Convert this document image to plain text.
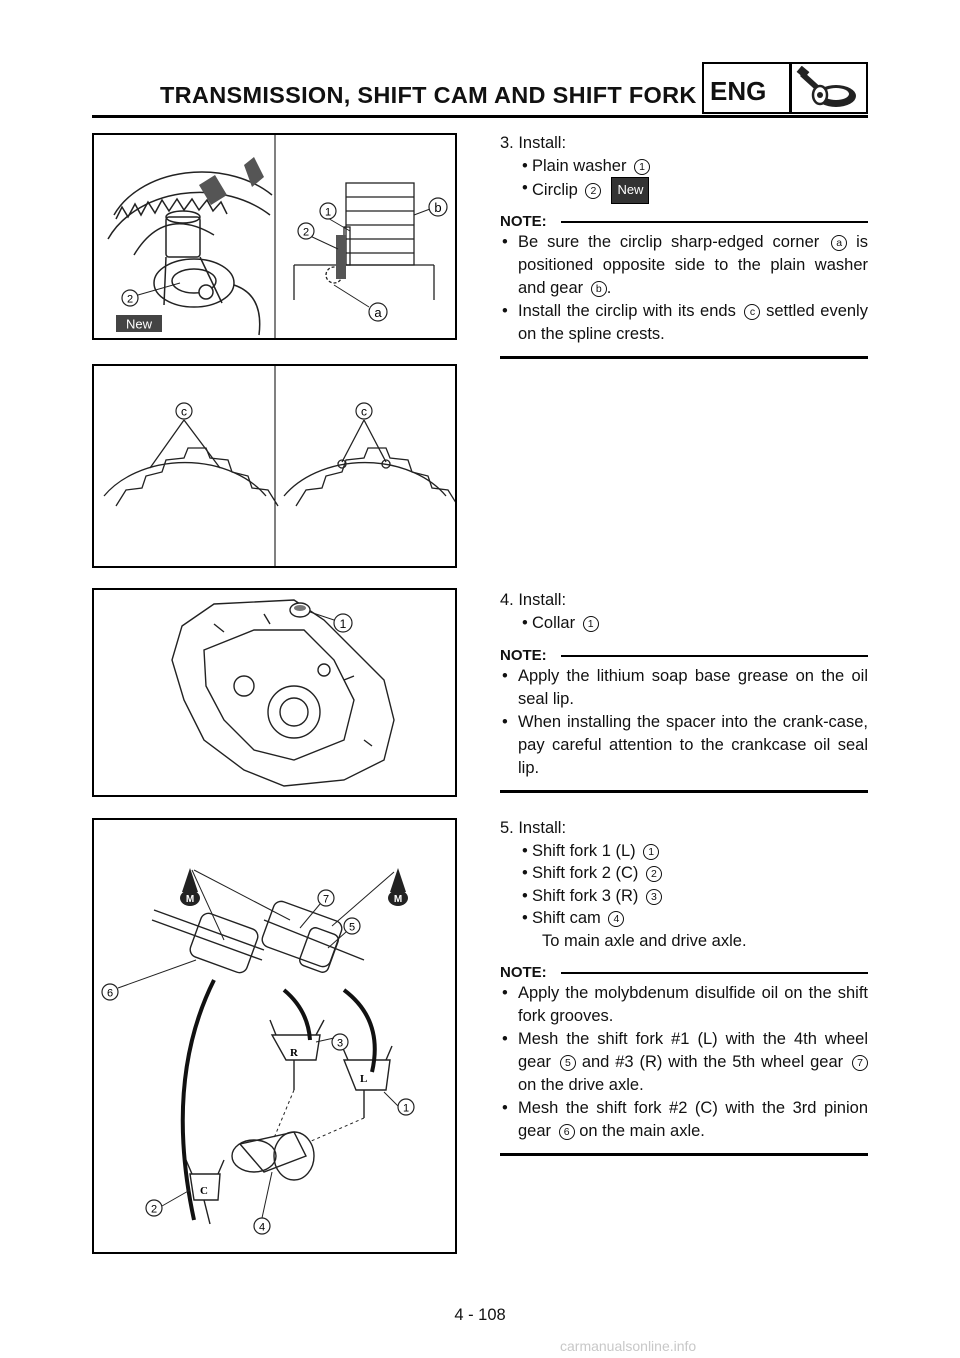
TRANSMISSION, SHIFT CAM AND SHIFT FORK ENG
2
New
1
2
b
a
c	c
1
M	M
R
L
C
7
5
6
3
1
2
4
3. Install:
• Plain washer 1
• Circlip 2 New
NOTE:
• Be sure the circlip sharp-edged corner a is positioned opposite side to the plain washer and gear b .
• Install the circlip with its ends c settled evenly on the spline crests.
4. Install:
• Collar 1
NOTE:
• Apply the lithium soap base grease on the oil seal lip.
• When installing the spacer into the crank-case, pay careful attention to the crankcase oil seal lip.
5. Install:
• Shift fork 1 (L) 1
• Shift fork 2 (C) 2
• Shift fork 3 (R) 3
• Shift cam 4
To main axle and drive axle.
NOTE:
• Apply the molybdenum disulfide oil on the shift fork grooves.
• Mesh the shift fork #1 (L) with the 4th wheel gear 5 and #3 (R) with the 5th wheel gear 7 on the drive axle.
• Mesh the shift fork #2 (C) with the 3rd pinion gear 6 on the main axle.
4 - 108
carmanualsonline.info
